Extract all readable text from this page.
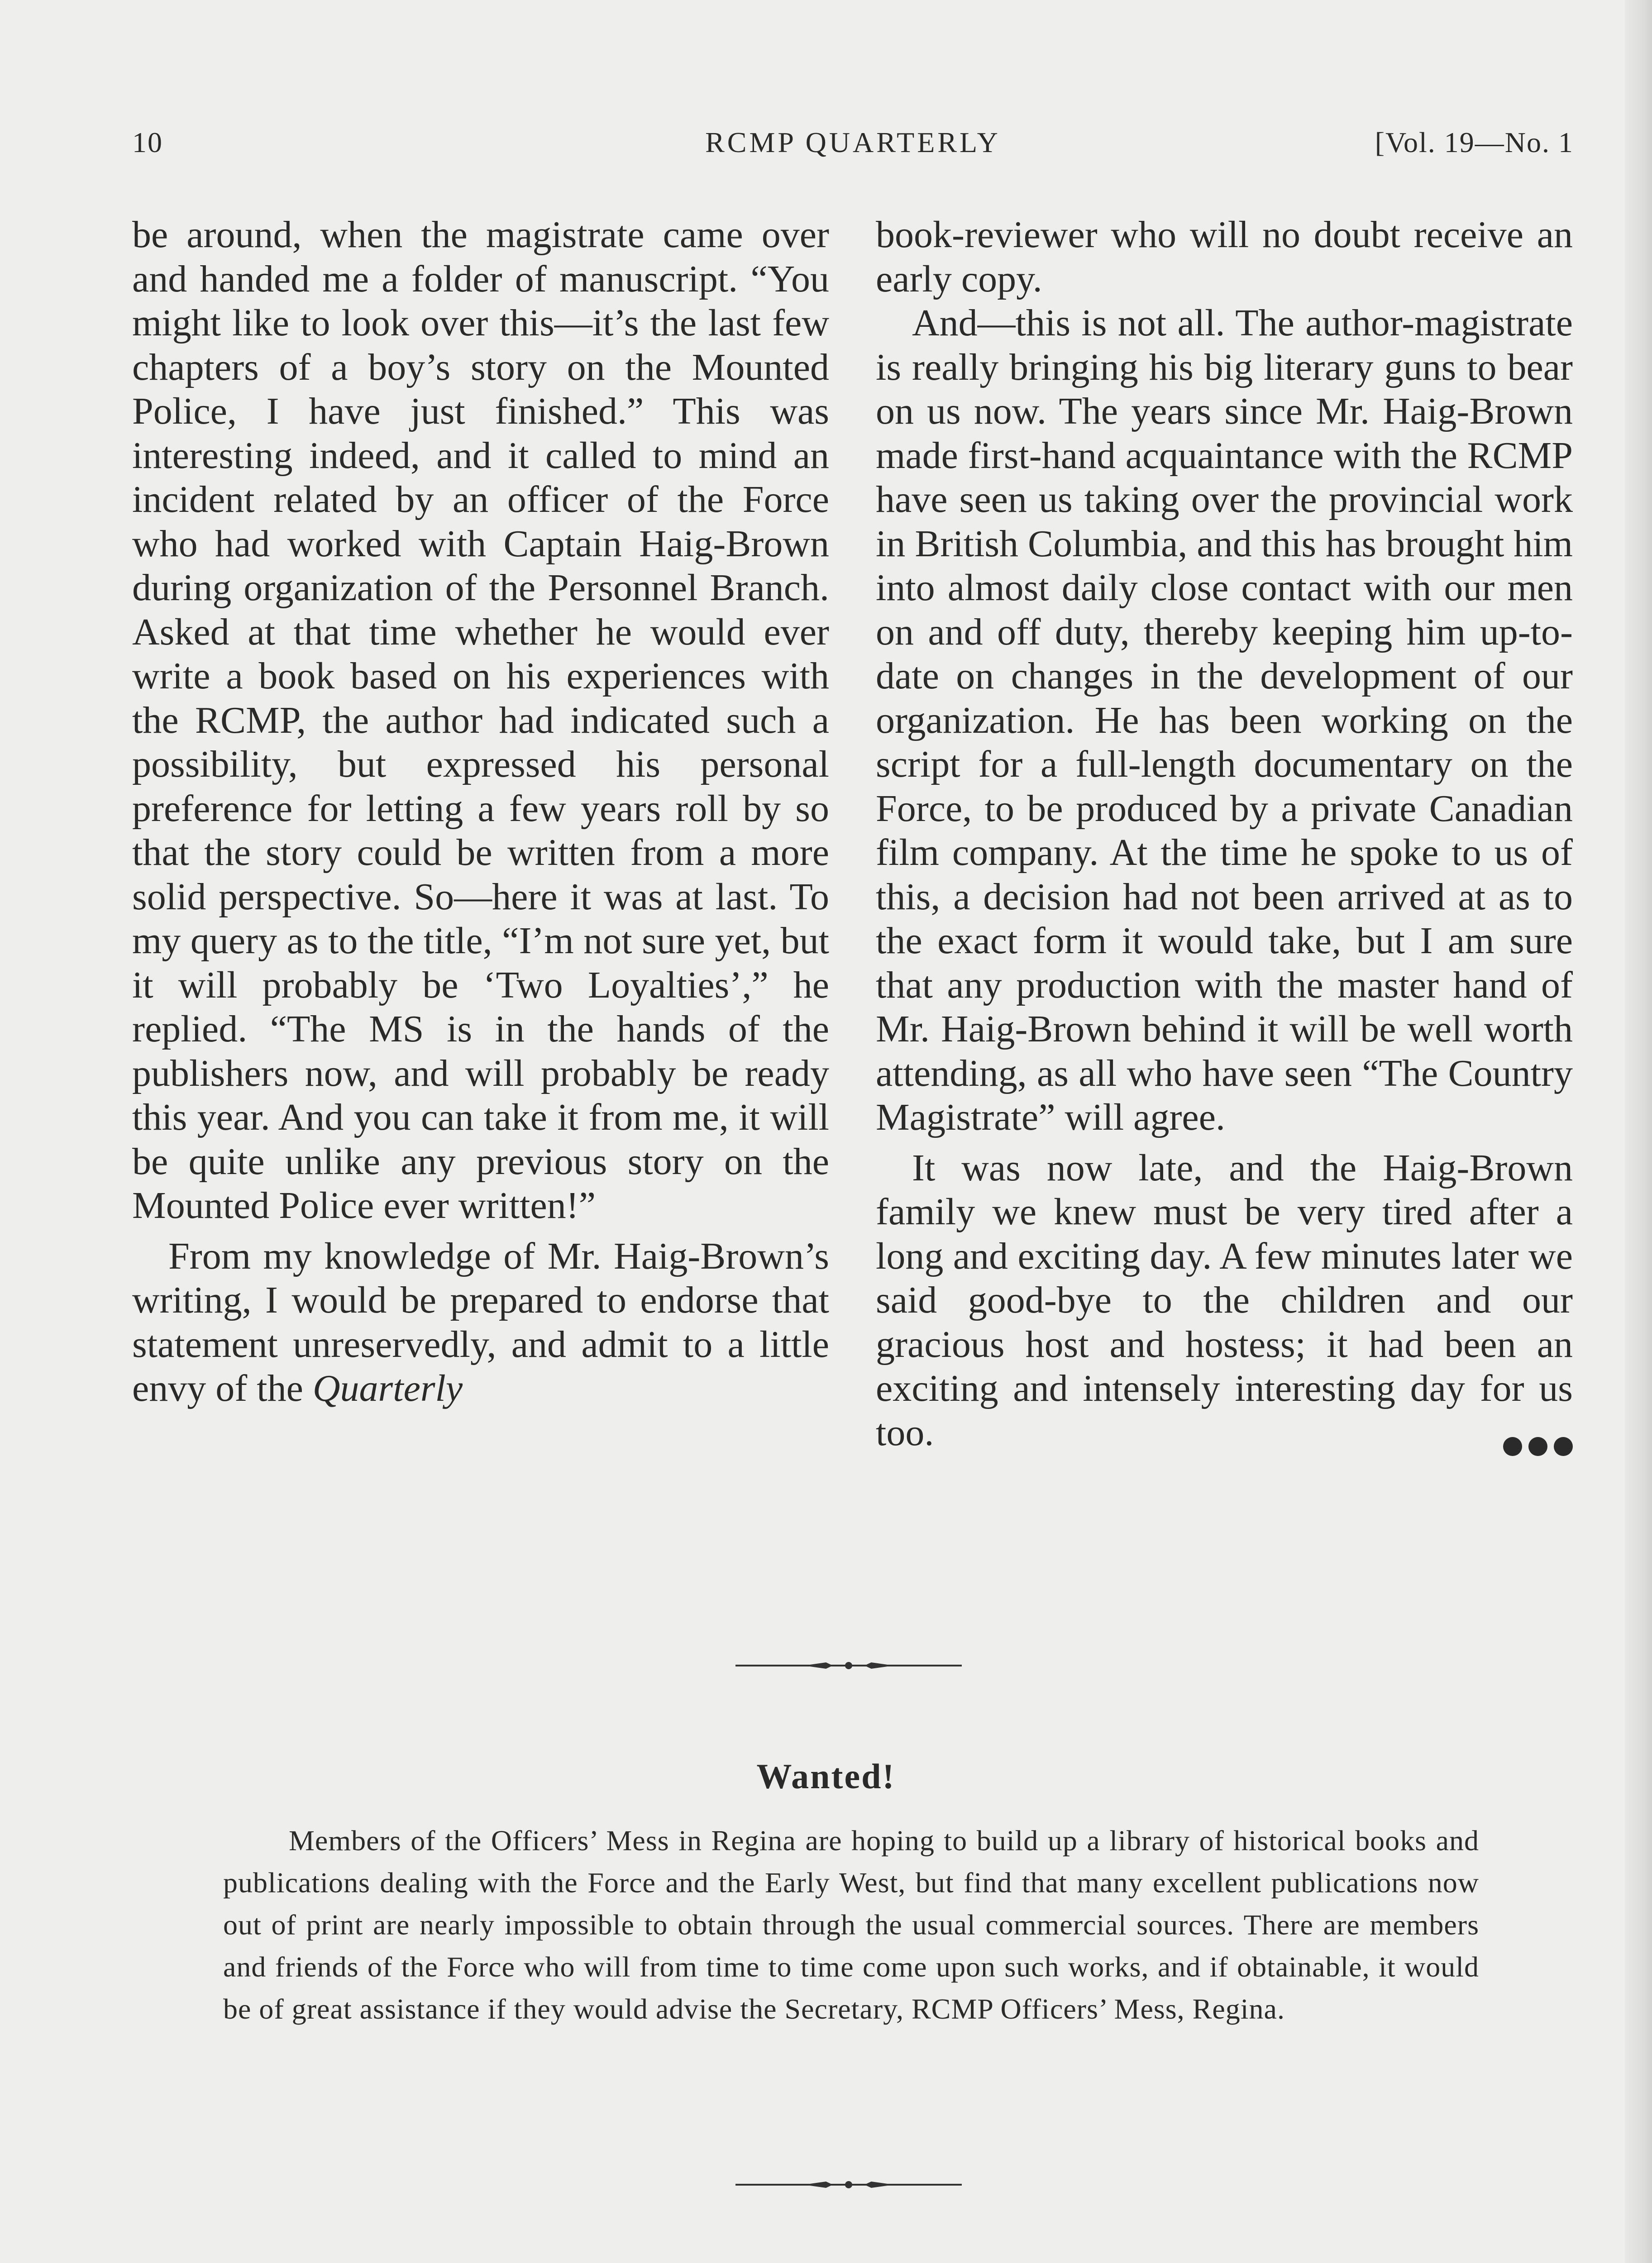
10	RCMP QUARTERLY	[Vol. 19—No. 1

be around, when the magistrate came over and handed me a folder of manuscript. “You might like to look over this—it’s the last few chapters of a boy’s story on the Mounted Police, I have just finished.” This was interesting indeed, and it called to mind an incident related by an officer of the Force who had worked with Captain Haig-Brown during organization of the Personnel Branch. Asked at that time whether he would ever write a book based on his experiences with the RCMP, the author had indicated such a possibility, but expressed his personal preference for letting a few years roll by so that the story could be written from a more solid perspective. So—here it was at last. To my query as to the title, “I’m not sure yet, but it will probably be ‘Two Loyalties’,” he replied. “The MS is in the hands of the publishers now, and will probably be ready this year. And you can take it from me, it will be quite unlike any previous story on the Mounted Police ever written!”

From my knowledge of Mr. Haig-Brown’s writing, I would be prepared to endorse that statement unreservedly, and admit to a little envy of the Quarterly

book-reviewer who will no doubt receive an early copy.

And—this is not all. The author-magistrate is really bringing his big literary guns to bear on us now. The years since Mr. Haig-Brown made first-hand acquaintance with the RCMP have seen us taking over the provincial work in British Columbia, and this has brought him into almost daily close contact with our men on and off duty, thereby keeping him up-to-date on changes in the development of our organization. He has been working on the script for a full-length documentary on the Force, to be produced by a private Canadian film company. At the time he spoke to us of this, a decision had not been arrived at as to the exact form it would take, but I am sure that any production with the master hand of Mr. Haig-Brown behind it will be well worth attending, as all who have seen “The Country Magistrate” will agree.

It was now late, and the Haig-Brown family we knew must be very tired after a long and exciting day. A few minutes later we said good-bye to the children and our gracious host and hostess; it had been an exciting and intensely interesting day for us too.

Wanted!

Members of the Officers’ Mess in Regina are hoping to build up a library of historical books and publications dealing with the Force and the Early West, but find that many excellent publications now out of print are nearly impossible to obtain through the usual commercial sources. There are members and friends of the Force who will from time to time come upon such works, and if obtainable, it would be of great assistance if they would advise the Secretary, RCMP Officers’ Mess, Regina.
